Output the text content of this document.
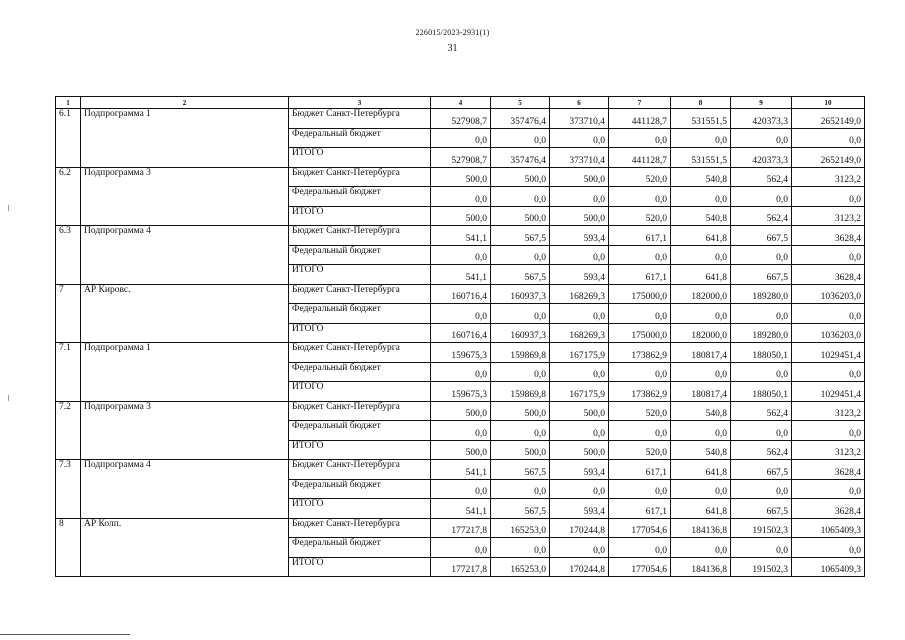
226015/2023-2931(1)
31
1	2	3	4	5	6	7	8	9	10
6.1	Подпрограмма 1	Бюджет Санкт-Петербурга	527908,7	357476,4	373710,4	441128,7	531551,5	420373,3	2652149,0
		Федеральный бюджет	0,0	0,0	0,0	0,0	0,0	0,0	0,0
		ИТОГО	527908,7	357476,4	373710,4	441128,7	531551,5	420373,3	2652149,0
6.2	Подпрограмма 3	Бюджет Санкт-Петербурга	500,0	500,0	500,0	520,0	540,8	562,4	3123,2
		Федеральный бюджет	0,0	0,0	0,0	0,0	0,0	0,0	0,0
		ИТОГО	500,0	500,0	500,0	520,0	540,8	562,4	3123,2
6.3	Подпрограмма 4	Бюджет Санкт-Петербурга	541,1	567,5	593,4	617,1	641,8	667,5	3628,4
		Федеральный бюджет	0,0	0,0	0,0	0,0	0,0	0,0	0,0
		ИТОГО	541,1	567,5	593,4	617,1	641,8	667,5	3628,4
7	АР Кировс.	Бюджет Санкт-Петербурга	160716,4	160937,3	168269,3	175000,0	182000,0	189280,0	1036203,0
		Федеральный бюджет	0,0	0,0	0,0	0,0	0,0	0,0	0,0
		ИТОГО	160716,4	160937,3	168269,3	175000,0	182000,0	189280,0	1036203,0
7.1	Подпрограмма 1	Бюджет Санкт-Петербурга	159675,3	159869,8	167175,9	173862,9	180817,4	188050,1	1029451,4
		Федеральный бюджет	0,0	0,0	0,0	0,0	0,0	0,0	0,0
		ИТОГО	159675,3	159869,8	167175,9	173862,9	180817,4	188050,1	1029451,4
7.2	Подпрограмма 3	Бюджет Санкт-Петербурга	500,0	500,0	500,0	520,0	540,8	562,4	3123,2
		Федеральный бюджет	0,0	0,0	0,0	0,0	0,0	0,0	0,0
		ИТОГО	500,0	500,0	500,0	520,0	540,8	562,4	3123,2
7.3	Подпрограмма 4	Бюджет Санкт-Петербурга	541,1	567,5	593,4	617,1	641,8	667,5	3628,4
		Федеральный бюджет	0,0	0,0	0,0	0,0	0,0	0,0	0,0
		ИТОГО	541,1	567,5	593,4	617,1	641,8	667,5	3628,4
8	АР Колп.	Бюджет Санкт-Петербурга	177217,8	165253,0	170244,8	177054,6	184136,8	191502,3	1065409,3
		Федеральный бюджет	0,0	0,0	0,0	0,0	0,0	0,0	0,0
		ИТОГО	177217,8	165253,0	170244,8	177054,6	184136,8	191502,3	1065409,3
